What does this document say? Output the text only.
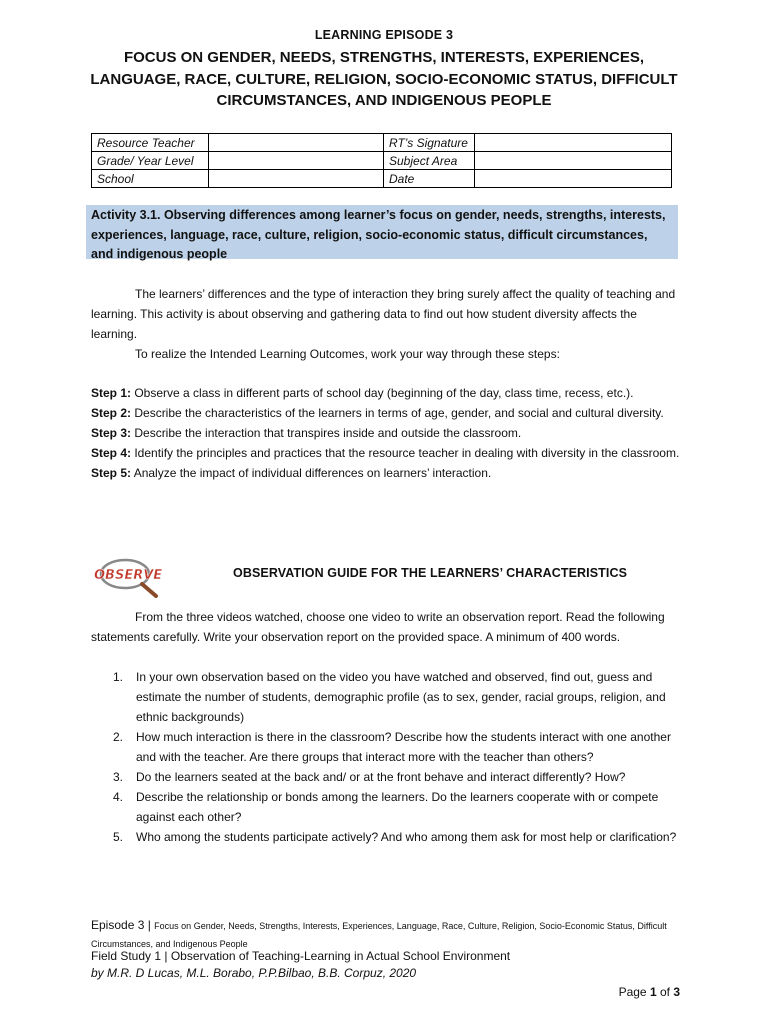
LEARNING EPISODE 3
FOCUS ON GENDER, NEEDS, STRENGTHS, INTERESTS, EXPERIENCES, LANGUAGE, RACE, CULTURE, RELIGION, SOCIO-ECONOMIC STATUS, DIFFICULT CIRCUMSTANCES, AND INDIGENOUS PEOPLE
Resource Teacher		RT’s Signature	
Grade/ Year Level		Subject Area	
School		Date	
Activity 3.1. Observing differences among learner’s focus on gender, needs, strengths, interests, experiences, language, race, culture, religion, socio-economic status, difficult circumstances, and indigenous people
The learners’ differences and the type of interaction they bring surely affect the quality of teaching and learning. This activity is about observing and gathering data to find out how student diversity affects the learning.
To realize the Intended Learning Outcomes, work your way through these steps:
Step 1: Observe a class in different parts of school day (beginning of the day, class time, recess, etc.).
Step 2: Describe the characteristics of the learners in terms of age, gender, and social and cultural diversity.
Step 3: Describe the interaction that transpires inside and outside the classroom.
Step 4: Identify the principles and practices that the resource teacher in dealing with diversity in the classroom.
Step 5: Analyze the impact of individual differences on learners’ interaction.
OBSERVE	OBSERVATION GUIDE FOR THE LEARNERS’ CHARACTERISTICS
From the three videos watched, choose one video to write an observation report. Read the following statements carefully. Write your observation report on the provided space. A minimum of 400 words.
1. In your own observation based on the video you have watched and observed, find out, guess and estimate the number of students, demographic profile (as to sex, gender, racial groups, religion, and ethnic backgrounds)
2. How much interaction is there in the classroom? Describe how the students interact with one another and with the teacher. Are there groups that interact more with the teacher than others?
3. Do the learners seated at the back and/ or at the front behave and interact differently? How?
4. Describe the relationship or bonds among the learners. Do the learners cooperate with or compete against each other?
5. Who among the students participate actively? And who among them ask for most help or clarification?
Episode 3 | Focus on Gender, Needs, Strengths, Interests, Experiences, Language, Race, Culture, Religion, Socio-Economic Status, Difficult Circumstances, and Indigenous People
Field Study 1 | Observation of Teaching-Learning in Actual School Environment
by M.R. D Lucas, M.L. Borabo, P.P.Bilbao, B.B. Corpuz, 2020
Page 1 of 3
